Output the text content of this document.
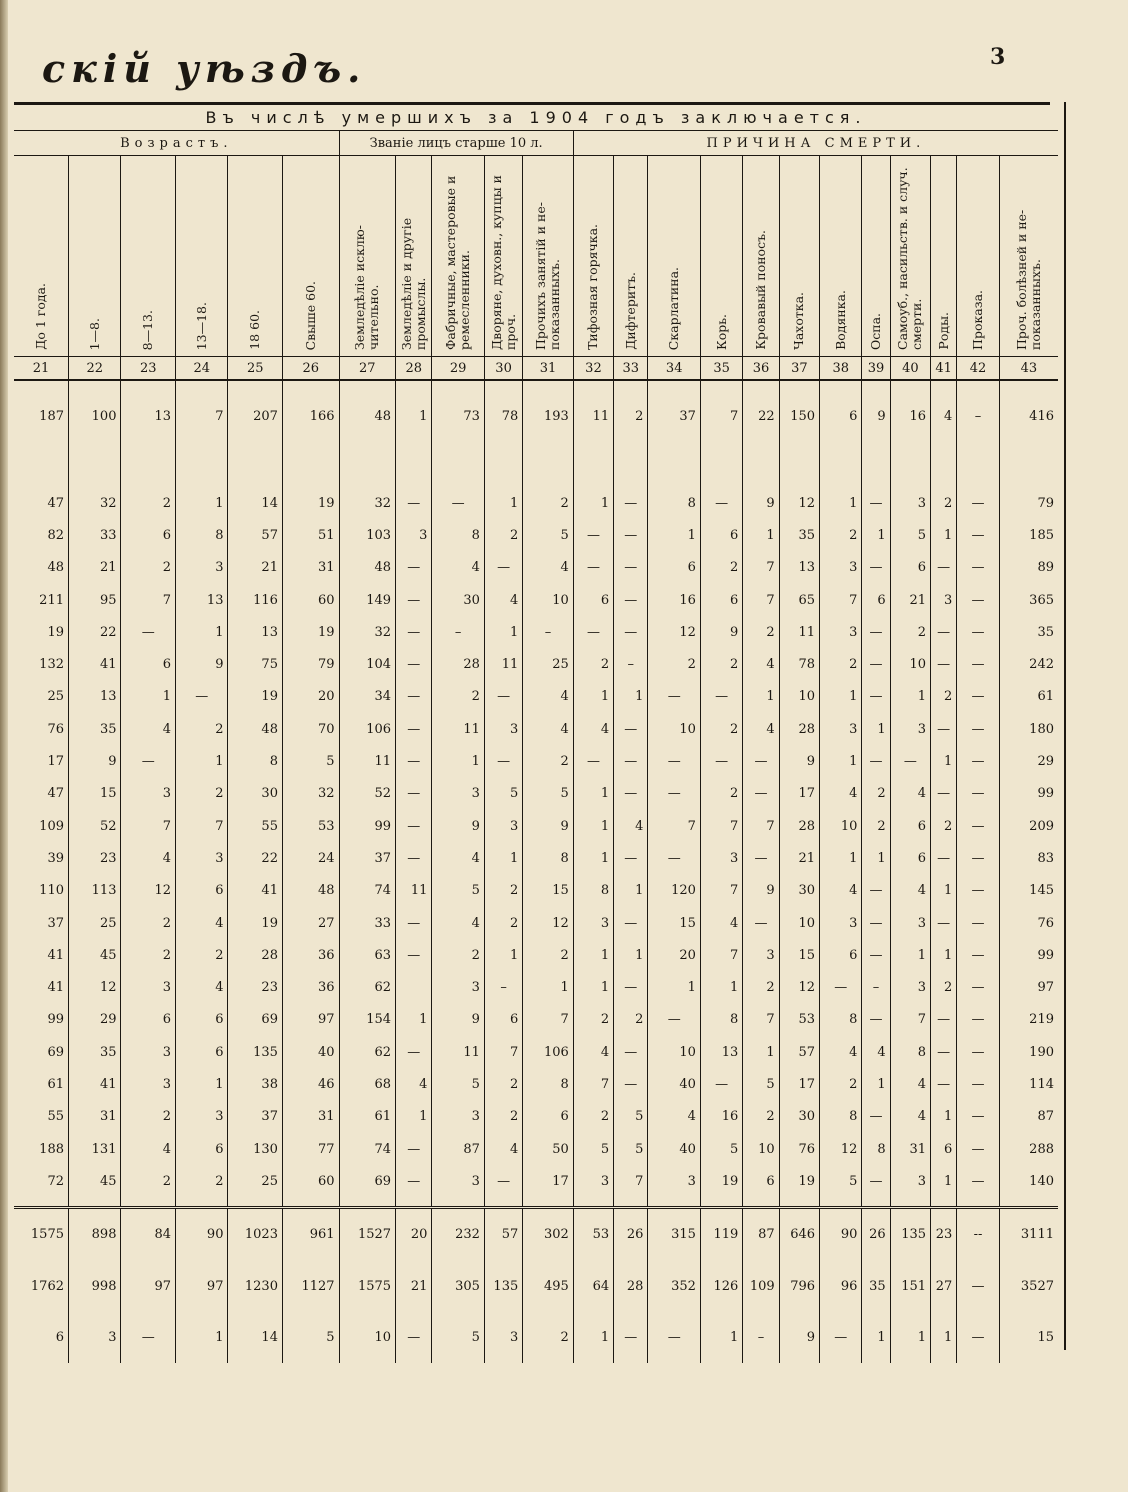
скій уѣздъ.	3
Въ числѣ умершихъ за 1904 годъ заключается.
Возрастъ.						Званіе лицъ старше 10 л.					ПРИЧИНА СМЕРТИ.											

До 1 года.	1—8.	8—13.	13—18.	18 60.	Свыше 60.	Земледѣліе исклю-чительно.	Земледѣліе и другіе промыслы.	Фабричные, мастеровые и ремесленники.	Дворяне, духовн., купцы и проч.	Прочихъ занятій и не-показанныхъ.	Тифозная горячка.	Дифтеритъ.	Скарлатина.	Корь.	Кровавый поносъ.	Чахотка.	Водянка.	Оспа.	Самоуб., насильств. и случ. смерти.	Роды.	Проказа.	Проч. болѣзней и не-показанныхъ.

21	22	23	24	25	26	27	28	29	30	31	32	33	34	35	36	37	38	39	40	41	42	43
187	100	13	7	207	166	48	1	73	78	193	11	2	37	7	22	150	6	9	16	4	–	416

47	32	2	1	14	19	32	—	—	1	2	1	—	8	—	9	12	1	—	3	2	—	79
82	33	6	8	57	51	103	3	8	2	5	—	—	1	6	1	35	2	1	5	1	—	185
48	21	2	3	21	31	48	—	4	—	4	—	—	6	2	7	13	3	—	6	—	—	89
211	95	7	13	116	60	149	—	30	4	10	6	—	16	6	7	65	7	6	21	3	—	365
19	22	—	1	13	19	32	—	–	1	–	—	—	12	9	2	11	3	—	2	—	—	35
132	41	6	9	75	79	104	—	28	11	25	2	–	2	2	4	78	2	—	10	—	—	242
25	13	1	—	19	20	34	—	2	—	4	1	1	—	—	1	10	1	—	1	2	—	61
76	35	4	2	48	70	106	—	11	3	4	4	—	10	2	4	28	3	1	3	—	—	180
17	9	—	1	8	5	11	—	1	—	2	—	—	—	—	—	9	1	—	—	1	—	29
47	15	3	2	30	32	52	—	3	5	5	1	—	—	2	—	17	4	2	4	—	—	99
109	52	7	7	55	53	99	—	9	3	9	1	4	7	7	7	28	10	2	6	2	—	209
39	23	4	3	22	24	37	—	4	1	8	1	—	—	3	—	21	1	1	6	—	—	83
110	113	12	6	41	48	74	11	5	2	15	8	1	120	7	9	30	4	—	4	1	—	145
37	25	2	4	19	27	33	—	4	2	12	3	—	15	4	—	10	3	—	3	—	—	76
41	45	2	2	28	36	63	—	2	1	2	1	1	20	7	3	15	6	—	1	1	—	99
41	12	3	4	23	36	62		3	–	1	1	—	1	1	2	12	—	–	3	2	—	97
99	29	6	6	69	97	154	1	9	6	7	2	2	—	8	7	53	8	—	7	—	—	219
69	35	3	6	135	40	62	—	11	7	106	4	—	10	13	1	57	4	4	8	—	—	190
61	41	3	1	38	46	68	4	5	2	8	7	—	40	—	5	17	2	1	4	—	—	114
55	31	2	3	37	31	61	1	3	2	6	2	5	4	16	2	30	8	—	4	1	—	87
188	131	4	6	130	77	74	—	87	4	50	5	5	40	5	10	76	12	8	31	6	—	288
72	45	2	2	25	60	69	—	3	—	17	3	7	3	19	6	19	5	—	3	1	—	140

1575	898	84	90	1023	961	1527	20	232	57	302	53	26	315	119	87	646	90	26	135	23	--	3111
1762	998	97	97	1230	1127	1575	21	305	135	495	64	28	352	126	109	796	96	35	151	27	—	3527
6	3	—	1	14	5	10	—	5	3	2	1	—	—	1	–	9	—	1	1	1	—	15
